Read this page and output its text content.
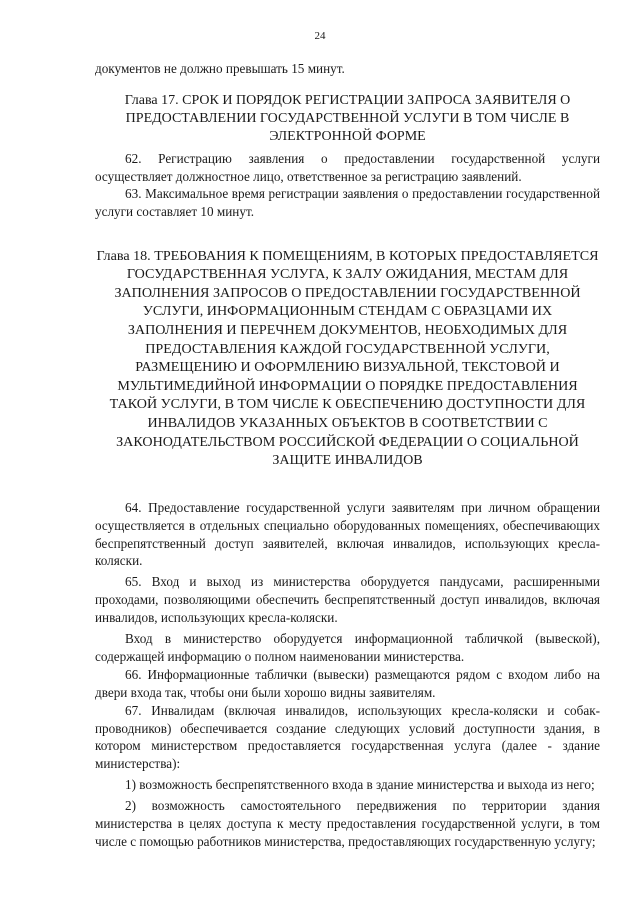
24

документов не должно превышать 15 минут.

Глава 17. СРОК И ПОРЯДОК РЕГИСТРАЦИИ ЗАПРОСА ЗАЯВИТЕЛЯ О ПРЕДОСТАВЛЕНИИ ГОСУДАРСТВЕННОЙ УСЛУГИ В ТОМ ЧИСЛЕ В ЭЛЕКТРОННОЙ ФОРМЕ

62. Регистрацию заявления о предоставлении государственной услуги осуществляет должностное лицо, ответственное за регистрацию заявлений.

63. Максимальное время регистрации заявления о предоставлении государственной услуги составляет 10 минут.

Глава 18. ТРЕБОВАНИЯ К ПОМЕЩЕНИЯМ, В КОТОРЫХ ПРЕДОСТАВЛЯЕТСЯ ГОСУДАРСТВЕННАЯ УСЛУГА, К ЗАЛУ ОЖИДАНИЯ, МЕСТАМ ДЛЯ ЗАПОЛНЕНИЯ ЗАПРОСОВ О ПРЕДОСТАВЛЕНИИ ГОСУДАРСТВЕННОЙ УСЛУГИ, ИНФОРМАЦИОННЫМ СТЕНДАМ С ОБРАЗЦАМИ ИХ ЗАПОЛНЕНИЯ И ПЕРЕЧНЕМ ДОКУМЕНТОВ, НЕОБХОДИМЫХ ДЛЯ ПРЕДОСТАВЛЕНИЯ КАЖДОЙ ГОСУДАРСТВЕННОЙ УСЛУГИ, РАЗМЕЩЕНИЮ И ОФОРМЛЕНИЮ ВИЗУАЛЬНОЙ, ТЕКСТОВОЙ И МУЛЬТИМЕДИЙНОЙ ИНФОРМАЦИИ О ПОРЯДКЕ ПРЕДОСТАВЛЕНИЯ ТАКОЙ УСЛУГИ, В ТОМ ЧИСЛЕ К ОБЕСПЕЧЕНИЮ ДОСТУПНОСТИ ДЛЯ ИНВАЛИДОВ УКАЗАННЫХ ОБЪЕКТОВ В СООТВЕТСТВИИ С ЗАКОНОДАТЕЛЬСТВОМ РОССИЙСКОЙ ФЕДЕРАЦИИ О СОЦИАЛЬНОЙ ЗАЩИТЕ ИНВАЛИДОВ

64. Предоставление государственной услуги заявителям при личном обращении осуществляется в отдельных специально оборудованных помещениях, обеспечивающих беспрепятственный доступ заявителей, включая инвалидов, использующих кресла-коляски.

65. Вход и выход из министерства оборудуется пандусами, расширенными проходами, позволяющими обеспечить беспрепятственный доступ инвалидов, включая инвалидов, использующих кресла-коляски.

Вход в министерство оборудуется информационной табличкой (вывеской), содержащей информацию о полном наименовании министерства.

66. Информационные таблички (вывески) размещаются рядом с входом либо на двери входа так, чтобы они были хорошо видны заявителям.

67. Инвалидам (включая инвалидов, использующих кресла-коляски и собак-проводников) обеспечивается создание следующих условий доступности здания, в котором министерством предоставляется государственная услуга (далее - здание министерства):

1) возможность беспрепятственного входа в здание министерства и выхода из него;

2) возможность самостоятельного передвижения по территории здания министерства в целях доступа к месту предоставления государственной услуги, в том числе с помощью работников министерства, предоставляющих государственную услугу;
